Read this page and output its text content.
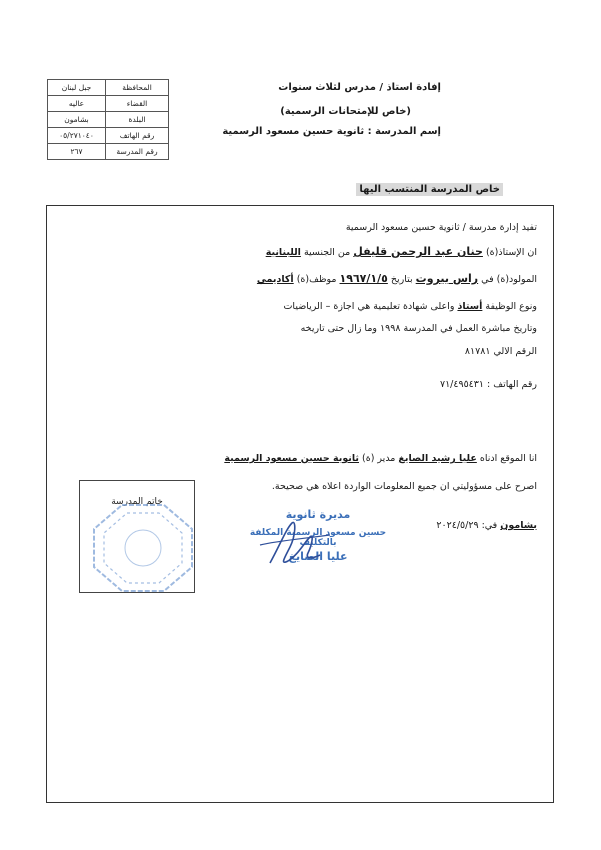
المحافظة	جبل لبنان
القضاء	عاليه
البلدة	بشامون
رقم الهاتف	٠٥/٢٧١٠٤٠
رقم المدرسة	٢٦٧
إفادة استاذ / مدرس لثلاث سنوات
(خاص للإمتحانات الرسمية)
إسم المدرسة : ثانوية حسين مسعود الرسمية
خاص المدرسة المنتسب اليها
تفيد إدارة مدرسة / ثانوية حسين مسعود الرسمية
ان الإستاذ(ة) حنان عبد الرحمن قليفل من الجنسية اللبنانية
المولود(ة) في راس بيروت بتاريخ ١٩٦٧/١/٥ موظف(ة) أكاديمي
ونوع الوظيفة أستاذ واعلى شهادة تعليمية هي اجازة – الرياضيات
وتاريخ مباشرة العمل في المدرسة ١٩٩٨ وما زال حتى تاريخه
الرقم الالي ٨١٧٨١
رقم الهاتف : ٧١/٤٩٥٤٣١
انا الموقع ادناه عليا رشيد الصايغ مدير (ة) ثانوية حسين مسعود الرسمية
اصرح على مسؤوليتي ان جميع المعلومات الواردة اعلاه هي صحيحة.
بشامون في: ٢٠٢٤/٥/٢٩
خاتم المدرسة
مديرة ثانوية
حسين مسعود الرسمية المكلفة بالتكليف
عليا الصايغ
